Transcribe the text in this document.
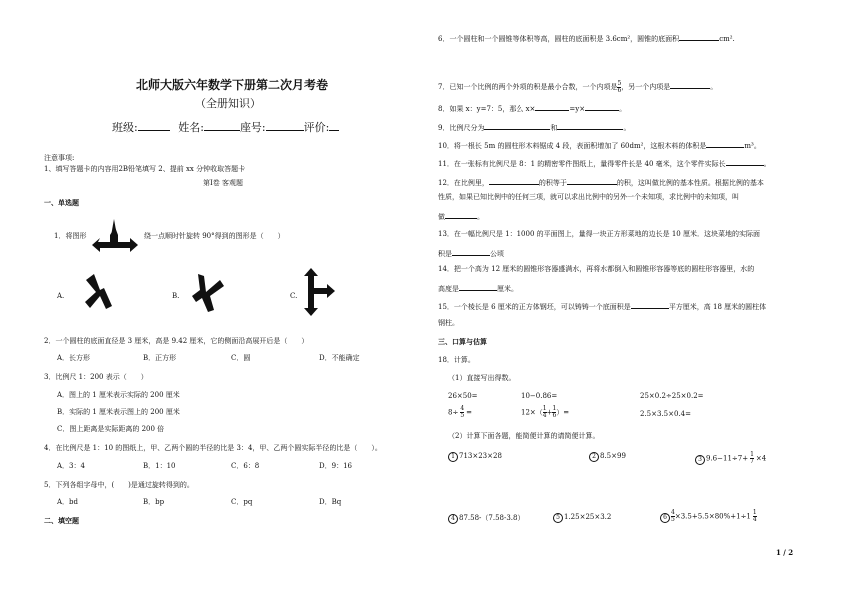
北师大版六年数学下册第二次月考卷
（全册知识）
班级:	姓名:	座号:	评价:
注意事项:
1、填写答题卡的内容用2B铅笔填写 2、提前 xx 分钟收取答题卡
第Ⅰ卷 客观题
一、单选题
1．将图形	绕一点顺时针旋转 90°得到的图形是（　　）
A.	B.	C.
2．一个圆柱的底面直径是 3 厘米，高是 9.42 厘米，它的侧面沿高展开后是（　　）
A．长方形	B．正方形	C．圆	D．不能确定
3．比例尺 1：200 表示（　　）
A．图上的 1 厘米表示实际的 200 厘米
B．实际的 1 厘米表示图上的 200 厘米
C．图上距离是实际距离的 200 倍
4．在比例尺是 1：10 的图纸上，甲、乙两个圆的半径的比是 3：4，甲、乙两个圆实际半径的比是（　　）。
A．3：4	B．1：10	C．6：8	D．9：16
5．下列各组字母中，(　　)是通过旋转得到的。
A．bd	B．bp	C．pq	D．Bq
二、填空题
6．一个圆柱和一个圆锥等体积等高，圆柱的底面积是 3.6cm²，圆锥的底面积	cm².
7．已知一个比例的两个外项的积是最小合数，一个内项是 $\frac{5}{6}$ ，另一个内项是	。
8．如果 x：y=7：5，那么 x×	=y×	。
9．比例尺分为	和	。
10．将一根长 5m 的圆柱形木料锯成 4 段，表面积增加了 60dm²，这根木料的体积是	m³。
11．在一张标有比例尺是 8：1 的精密零件图纸上，量得零件长是 40 毫米，这个零件实际长	。
12．在比例里，	的积等于	的积，这叫做比例的基本性质。根据比例的基本
性质，如果已知比例中的任何三项，就可以求出比例中的另外一个未知项，求比例中的未知项，叫
做	。
13．在一幅比例尺是 1：1000 的平面图上，量得一块正方形菜地的边长是 10 厘米．这块菜地的实际面
积是	公顷
14．把一个高为 12 厘米的圆锥形容器盛满水，再将水都倒入和圆锥形容器等底的圆柱形容器里，水的
高度是	厘米。
15．一个棱长是 6 厘米的正方体钢坯，可以铸铸一个底面积是	平方厘米，高 18 厘米的圆柱体
钢柱。
三、口算与估算
18．计算。
（1）直接写出得数。
26×50=	10−0.86=	25×0.2÷25×0.2=
$8\div \frac{4}{5}$ =	$12\times( \frac{1}{4} + \frac{1}{6}$ ）=	2.5×3.5×0.4=
（2）计算下面各题，能简便计算的请简便计算。
1 713×23×28	2 8.5×99	3 $9.6-11\div 7+ \frac{1}{7} \times 4$
4 87.58-（7.58-3.8）	5 1.25×25×3.2	$6 \frac{4}{5} \times 3.5+5.5\times 80\%+1\div 1 \frac{1}{4}$
1 / 2
